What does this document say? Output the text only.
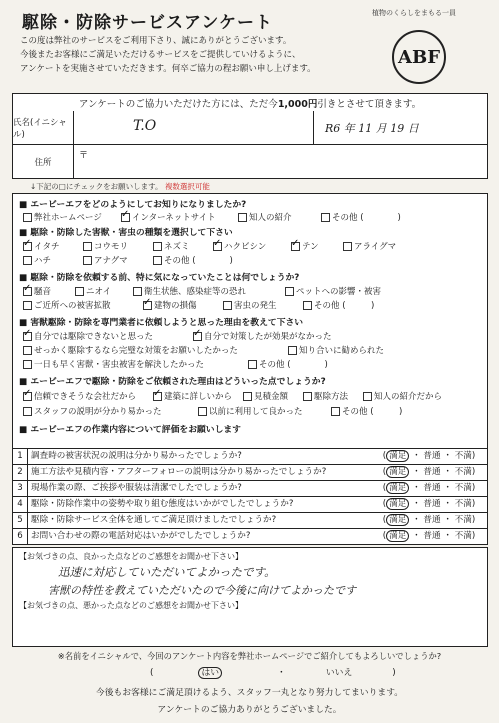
駆除・防除サービスアンケート	植物のくらしをまもる一員
ABF
この度は弊社のサービスをご利用下さり、誠にありがとうございます。
今後またお客様にご満足いただけるサービスをご提供していけるように、
アンケートを実施させていただきます。何卒ご協力の程お願い申し上げます。
アンケートのご協力いただけた方には、ただ今 1,000円 引きとさせて頂きます。
氏名(イニシャル)
T.O	R6 年 11 月 19 日
住所
〒
↓下記の□にチェックをお願いします。 複数選択可能
■ エービーエフをどのようにしてお知りになりましたか?
弊社ホームページ ✓	インターネットサイト	知人の紹介	その他 (　　　　)
■ 駆除・防除した害獣・害虫の種類を選択して下さい
✓
イタチ	コウモリ	ネズミ ✓	ハクビシン ✓	テン	アライグマ
ハチ	アナグマ	その他 (　　　　)
■ 駆除・防除を依頼する前、特に気になっていたことは何でしょうか?
✓
騒音	ニオイ	衛生状態、感染症等の恐れ	ペットへの影響・被害
ご近所への被害拡散 ✓	建物の損傷	害虫の発生	その他 (　　　)
■ 害獣駆除・防除を専門業者に依頼しようと思った理由を教えて下さい
✓
自分では駆除できないと思った ✓	自分で対策したが効果がなかった
せっかく駆除するなら完璧な対策をお願いしたかった	知り合いに勧められた
一日も早く害獣・害虫被害を解決したかった	その他 (　　　　)
■ エービーエフで駆除・防除をご依頼された理由はどういった点でしょうか?
✓
信頼できそうな会社だから ✓	建築に詳しいから	見積金額	駆除方法	知人の紹介だから
スタッフの説明が分かり易かった	以前に利用して良かった	その他 (　　　)
■ エービーエフの作業内容について評価をお願いします
1 調査時の被害状況の説明は分かり易かったでしょうか?	( 満足 ・ 普通 ・ 不満)
2 施工方法や見積内容・アフターフォローの説明は分かり易かったでしょうか?	( 満足 ・ 普通 ・ 不満)
3 現場作業の際、ご挨拶や服装は清潔でしたでしょうか?	( 満足 ・ 普通 ・ 不満)
4 駆除・防除作業中の姿勢や取り組む態度はいかがでしたでしょうか?	( 満足 ・ 普通 ・ 不満)
5 駆除・防除サービス全体を通してご満足頂けましたでしょうか?	( 満足 ・ 普通 ・ 不満)
6 お問い合わせの際の電話対応はいかがでしたでしょうか?	( 満足 ・ 普通 ・ 不満)
【お気づきの点、良かった点などのご感想をお聞かせ下さい】
迅速に対応していただいてよかったです。
害獣の特性を教えていただいたので今後に向けてよかったです
【お気づきの点、悪かった点などのご感想をお聞かせ下さい】
※名前をイニシャルで、今回のアンケート内容を弊社ホームページでご紹介してもよろしいでしょうか?
(	はい	・	いいえ	)
今後もお客様にご満足頂けるよう、スタッフ一丸となり努力してまいります。
アンケートのご協力ありがとうございました。
